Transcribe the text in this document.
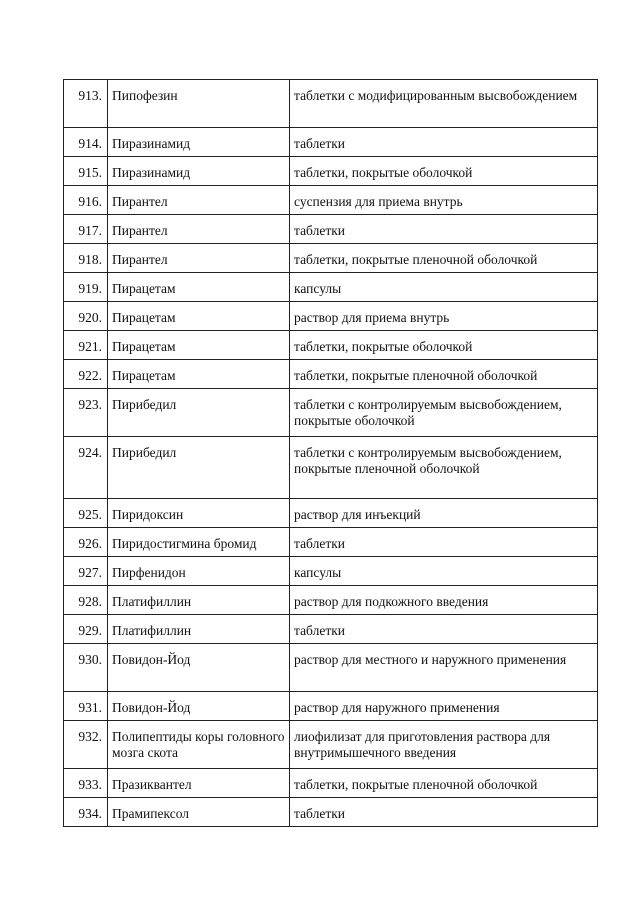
913.	Пипофезин	таблетки с модифицированным высвобождением
914.	Пиразинамид	таблетки
915.	Пиразинамид	таблетки, покрытые оболочкой
916.	Пирантел	суспензия для приема внутрь
917.	Пирантел	таблетки
918.	Пирантел	таблетки, покрытые пленочной оболочкой
919.	Пирацетам	капсулы
920.	Пирацетам	раствор для приема внутрь
921.	Пирацетам	таблетки, покрытые оболочкой
922.	Пирацетам	таблетки, покрытые пленочной оболочкой
923.	Пирибедил	таблетки с контролируемым высвобождением, покрытые оболочкой
924.	Пирибедил	таблетки с контролируемым высвобождением, покрытые пленочной оболочкой
925.	Пиридоксин	раствор для инъекций
926.	Пиридостигмина бромид	таблетки
927.	Пирфенидон	капсулы
928.	Платифиллин	раствор для подкожного введения
929.	Платифиллин	таблетки
930.	Повидон-Йод	раствор для местного и наружного применения
931.	Повидон-Йод	раствор для наружного применения
932.	Полипептиды коры головного мозга скота	лиофилизат для приготовления раствора для внутримышечного введения
933.	Празиквантел	таблетки, покрытые пленочной оболочкой
934.	Прамипексол	таблетки
